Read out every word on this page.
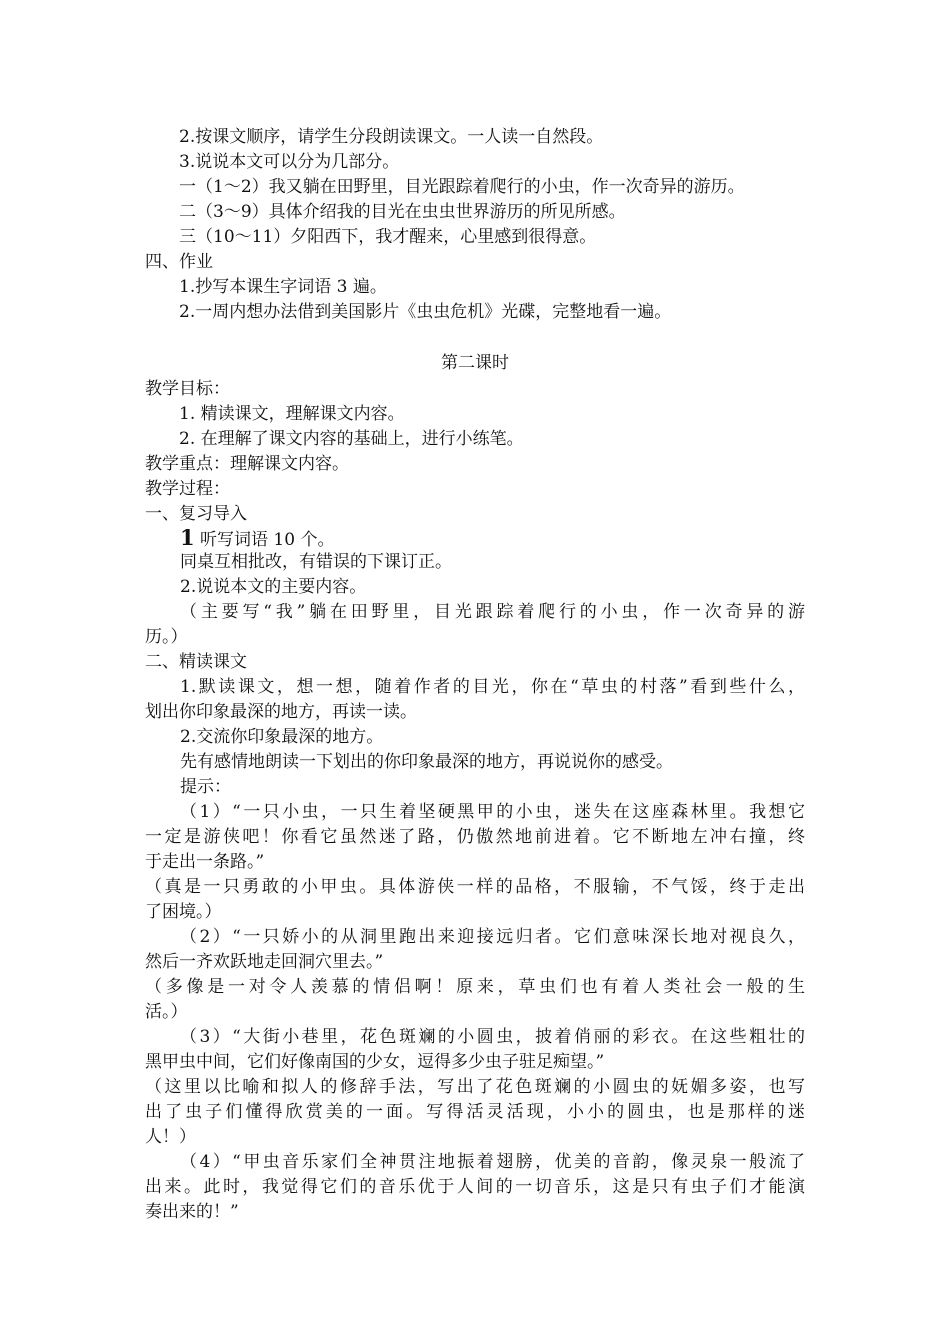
2.按课文顺序，请学生分段朗读课文。一人读一自然段。
3.说说本文可以分为几部分。
一（1～2）我又躺在田野里，目光跟踪着爬行的小虫，作一次奇异的游历。
二（3～9）具体介绍我的目光在虫虫世界游历的所见所感。
三（10～11）夕阳西下，我才醒来，心里感到很得意。
四、作业
1.抄写本课生字词语 3 遍。
2.一周内想办法借到美国影片《虫虫危机》光碟，完整地看一遍。
第二课时
教学目标：
1. 精读课文，理解课文内容。
2. 在理解了课文内容的基础上，进行小练笔。
教学重点：理解课文内容。
教学过程：
一、复习导入
1 听写词语 10 个。
同桌互相批改，有错误的下课订正。
2.说说本文的主要内容。
（主要写“我”躺在田野里，目光跟踪着爬行的小虫，作一次奇异的游
历。）
二、精读课文
1.默读课文，想一想，随着作者的目光，你在“草虫的村落”看到些什么，
划出你印象最深的地方，再读一读。
2.交流你印象最深的地方。
先有感情地朗读一下划出的你印象最深的地方，再说说你的感受。
提示：
（1）“一只小虫，一只生着坚硬黑甲的小虫，迷失在这座森林里。我想它
一定是游侠吧！你看它虽然迷了路，仍傲然地前进着。它不断地左冲右撞，终
于走出一条路。”
（真是一只勇敢的小甲虫。具体游侠一样的品格，不服输，不气馁，终于走出
了困境。）
（2）“一只娇小的从洞里跑出来迎接远归者。它们意味深长地对视良久，
然后一齐欢跃地走回洞穴里去。”
（多像是一对令人羡慕的情侣啊！原来，草虫们也有着人类社会一般的生
活。）
（3）“大街小巷里，花色斑斓的小圆虫，披着俏丽的彩衣。在这些粗壮的
黑甲虫中间，它们好像南国的少女，逗得多少虫子驻足痴望。”
（这里以比喻和拟人的修辞手法，写出了花色斑斓的小圆虫的妩媚多姿，也写
出了虫子们懂得欣赏美的一面。写得活灵活现，小小的圆虫，也是那样的迷
人！）
（4）“甲虫音乐家们全神贯注地振着翅膀，优美的音韵，像灵泉一般流了
出来。此时，我觉得它们的音乐优于人间的一切音乐，这是只有虫子们才能演
奏出来的！”
